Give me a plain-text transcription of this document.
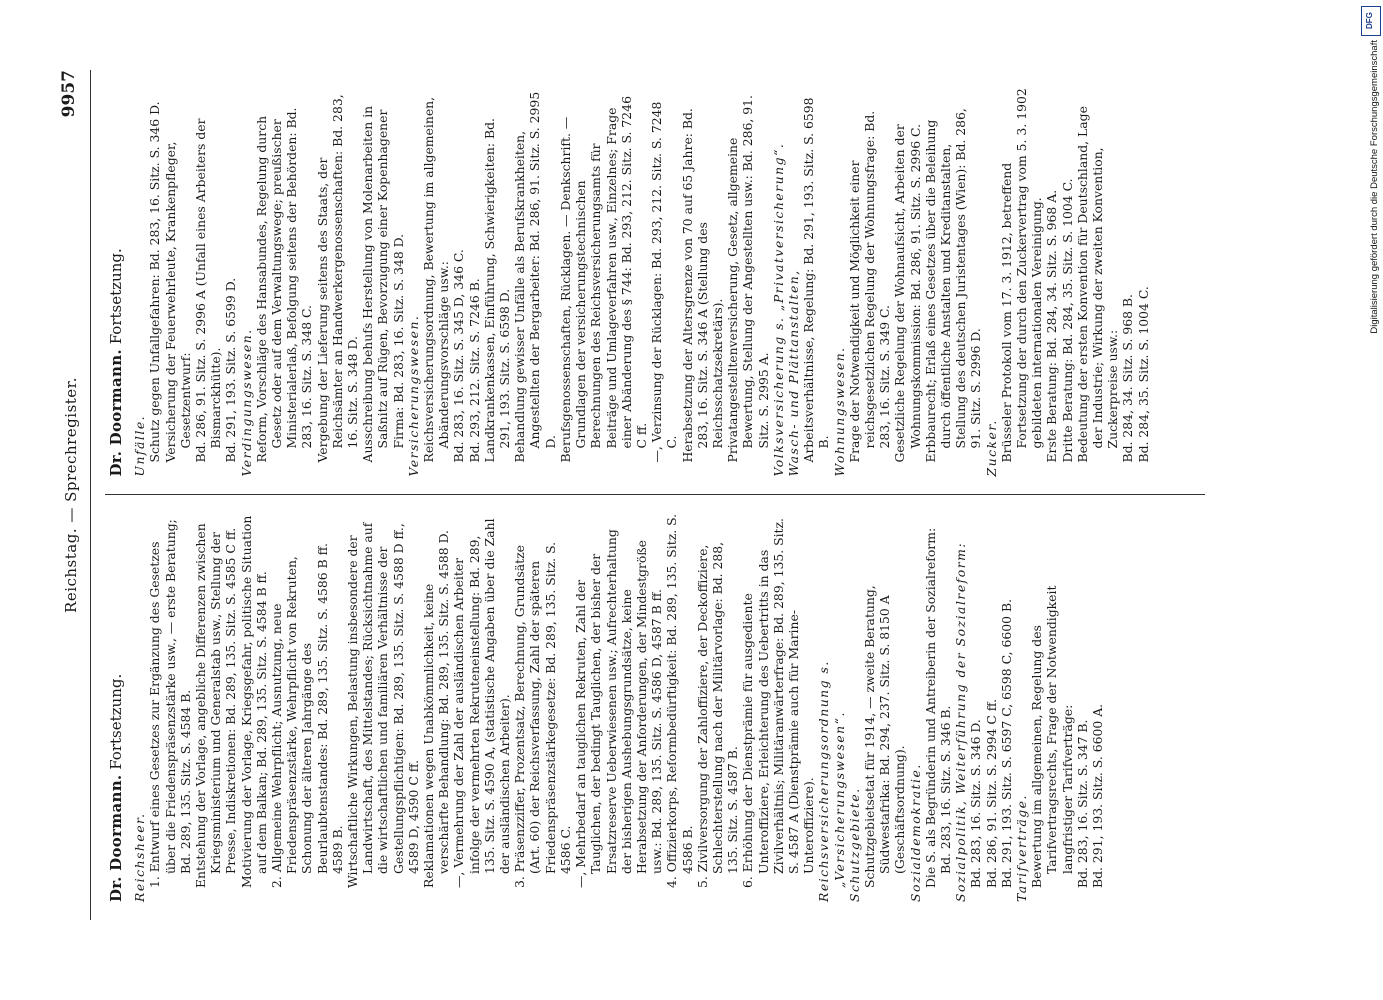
Reichstag. — Sprechregister.
9957
Dr. Doormann. Fortsetzung.

Reichsheer. 1. Entwurf eines Gesetzes zur Ergänzung des Gesetzes über die Friedenspräsenzstärke usw., — erste Beratung; Bd. 289, 135. Sitz. S. 4584 B. Entstehung der Vorlage, angebliche Differenzen zwischen Kriegsministerium und Generalstab usw., Stellung der Presse, Indiskretionen: Bd. 289, 135. Sitz. S. 4585 C ff. Motivierung der Vorlage, Kriegsgefahr, politische Situation auf dem Balkan; Bd. 289, 135. Sitz. S. 4584 B ff. 2. Allgemeine Wehrpflicht; Ausnutzung, neue Friedenspräsenzstärke, Wehrpflicht von Rekruten, Schonung der älteren Jahrgänge des Beurlaubtenstandes: Bd. 289, 135. Sitz. S. 4586 B ff. 4589 B. Wirtschaftliche Wirkungen, Belastung insbesondere der Landwirtschaft, des Mittelstandes; Rücksichtnahme auf die wirtschaftlichen und familiären Verhältnisse der Gestellungspflichtigen: Bd. 289, 135. Sitz. S. 4588 D ff., 4589 D, 4590 C ff. Reklamationen wegen Unabkömmlichkeit, keine verschärfte Behandlung: Bd. 289, 135. Sitz. S. 4588 D. —, Vermehrung der Zahl der ausländischen Arbeiter infolge der vermehrten Rekruteneinstellung: Bd. 289, 135. Sitz. S. 4590 A, (statistische Angaben über die Zahl der ausländischen Arbeiter). 3. Präsenzziffer, Prozentsatz, Berechnung, Grundsätze (Art. 60) der Reichsverfassung, Zahl der späteren Friedenspräsenzstärkegesetze: Bd. 289, 135. Sitz. S. 4586 C. —, Mehrbedarf an tauglichen Rekruten, Zahl der Tauglichen, der bedingt Tauglichen, der bisher der Ersatzreserve Ueberwiesenen usw.; Aufrechterhaltung der bisherigen Aushebungsgrundsätze, keine Herabsetzung der Anforderungen, der Mindestgröße usw.: Bd. 289, 135. Sitz. S. 4586 D, 4587 B ff. 4. Offizierkorps, Reformbedürftigkeit: Bd. 289, 135. Sitz. S. 4586 B. 5. Zivilversorgung der Zahloffiziere, der Deckoffiziere, Schlechterstellung nach der Militärvorlage: Bd. 288, 135. Sitz. S. 4587 B. 6. Erhöhung der Dienstprämie für ausgediente Unteroffiziere, Erleichterung des Uebertritts in das Zivilverhältnis; Militäranwärterfrage: Bd. 289, 135. Sitz. S. 4587 A (Dienstprämie auch für Marine-Unteroffiziere). Reichsversicherungsordnung s. „Versicherungswesen“. Schutzgebiete. Schutzgebietsetat für 1914, — zweite Beratung, Südwestafrika: Bd. 294, 237. Sitz. S. 8150 A (Geschäftsordnung). Sozialdemokratie. Die S. als Begründerin und Antreiberin der Sozialreform: Bd. 283, 16. Sitz. S. 346 B. Sozialpolitik, Weiterführung der Sozialreform: Bd. 283, 16. Sitz. S. 346 D. Bd. 286, 91. Sitz. S. 2994 C ff. Bd. 291, 193. Sitz. S. 6597 C, 6598 C, 6600 B. Tarifverträge. Bewertung im allgemeinen, Regelung des Tarifvertragsrechts, Frage der Notwendigkeit langfristiger Tarifverträge: Bd. 283, 16. Sitz. S. 347 B. Bd. 291, 193. Sitz. S. 6600 A.

Dr. Doormann. Fortsetzung.

Unfälle. Schutz gegen Unfallgefahren: Bd. 283, 16. Sitz. S. 346 D. Versicherung der Feuerwehrleute, Krankenpfleger, Gesetzentwurf: Bd. 286, 91. Sitz. S. 2996 A (Unfall eines Arbeiters der Bismarckhütte). Bd. 291, 193. Sitz. S. 6599 D. Verdingungswesen. Reform, Vorschläge des Hansabundes, Regelung durch Gesetz oder auf dem Verwaltungswege; preußischer Ministerialerlaß, Befolgung seitens der Behörden: Bd. 283, 16. Sitz. S. 348 C. Vergebung der Lieferung seitens des Staats, der Reichsämter an Handwerkergenossenschaften: Bd. 283, 16. Sitz. S. 348 D. Ausschreibung behufs Herstellung von Molenarbeiten in Saßnitz auf Rügen, Bevorzugung einer Kopenhagener Firma: Bd. 283, 16. Sitz. S. 348 D. Versicherungswesen. Reichsversicherungsordnung, Bewertung im allgemeinen, Abänderungsvorschläge usw.: Bd. 283, 16. Sitz. S. 345 D, 346 C. Bd. 293, 212. Sitz. S. 7246 B. Landkrankenkassen, Einführung, Schwierigkeiten: Bd. 291, 193. Sitz. S. 6598 D. Behandlung gewisser Unfälle als Berufskrankheiten, Angestellten der Bergarbeiter: Bd. 286, 91. Sitz. S. 2995 D. Berufsgenossenschaften, Rücklagen. — Denkschrift. — Grundlagen der versicherungstechnischen Berechnungen des Reichsversicherungsamts für Beiträge und Umlageverfahren usw., Einzelnes; Frage einer Abänderung des § 744: Bd. 293, 212. Sitz. S. 7246 C ff. —, Verzinsung der Rücklagen: Bd. 293, 212. Sitz. S. 7248 C. Herabsetzung der Altersgrenze von 70 auf 65 Jahre: Bd. 283, 16. Sitz. S. 346 A (Stellung des Reichsschatzsekretärs). Privatangestelltenversicherung, Gesetz, allgemeine Bewertung, Stellung der Angestellten usw.: Bd. 286, 91. Sitz. S. 2995 A. Volksversicherung s. „Privatversicherung“. Wasch- und Plättanstalten, Arbeitsverhältnisse, Regelung: Bd. 291, 193. Sitz. S. 6598 B. Wohnungswesen. Frage der Notwendigkeit und Möglichkeit einer reichsgesetzlichen Regelung der Wohnungsfrage: Bd. 283, 16. Sitz. S. 349 C. Gesetzliche Regelung der Wohnaufsicht, Arbeiten der Wohnungskommission: Bd. 286, 91. Sitz. S. 2996 C. Erbbaurecht; Erlaß eines Gesetzes über die Beleihung durch öffentliche Anstalten und Kreditanstalten, Stellung des deutschen Juristentages (Wien): Bd. 286, 91. Sitz. S. 2996 D. Zucker. Brüsseler Protokoll vom 17. 3. 1912, betreffend Fortsetzung der durch den Zuckervertrag vom 5. 3. 1902 gebildeten internationalen Vereinigung. Erste Beratung: Bd. 284, 34. Sitz. S. 968 A. Dritte Beratung: Bd. 284, 35. Sitz. S. 1004 C. Bedeutung der ersten Konvention für Deutschland, Lage der Industrie; Wirkung der zweiten Konvention, Zuckerpreise usw.: Bd. 284, 34. Sitz. S. 968 B. Bd. 284, 35. Sitz. S. 1004 C.

DFG
Digitalisierung gefördert durch die Deutsche Forschungsgemeinschaft
